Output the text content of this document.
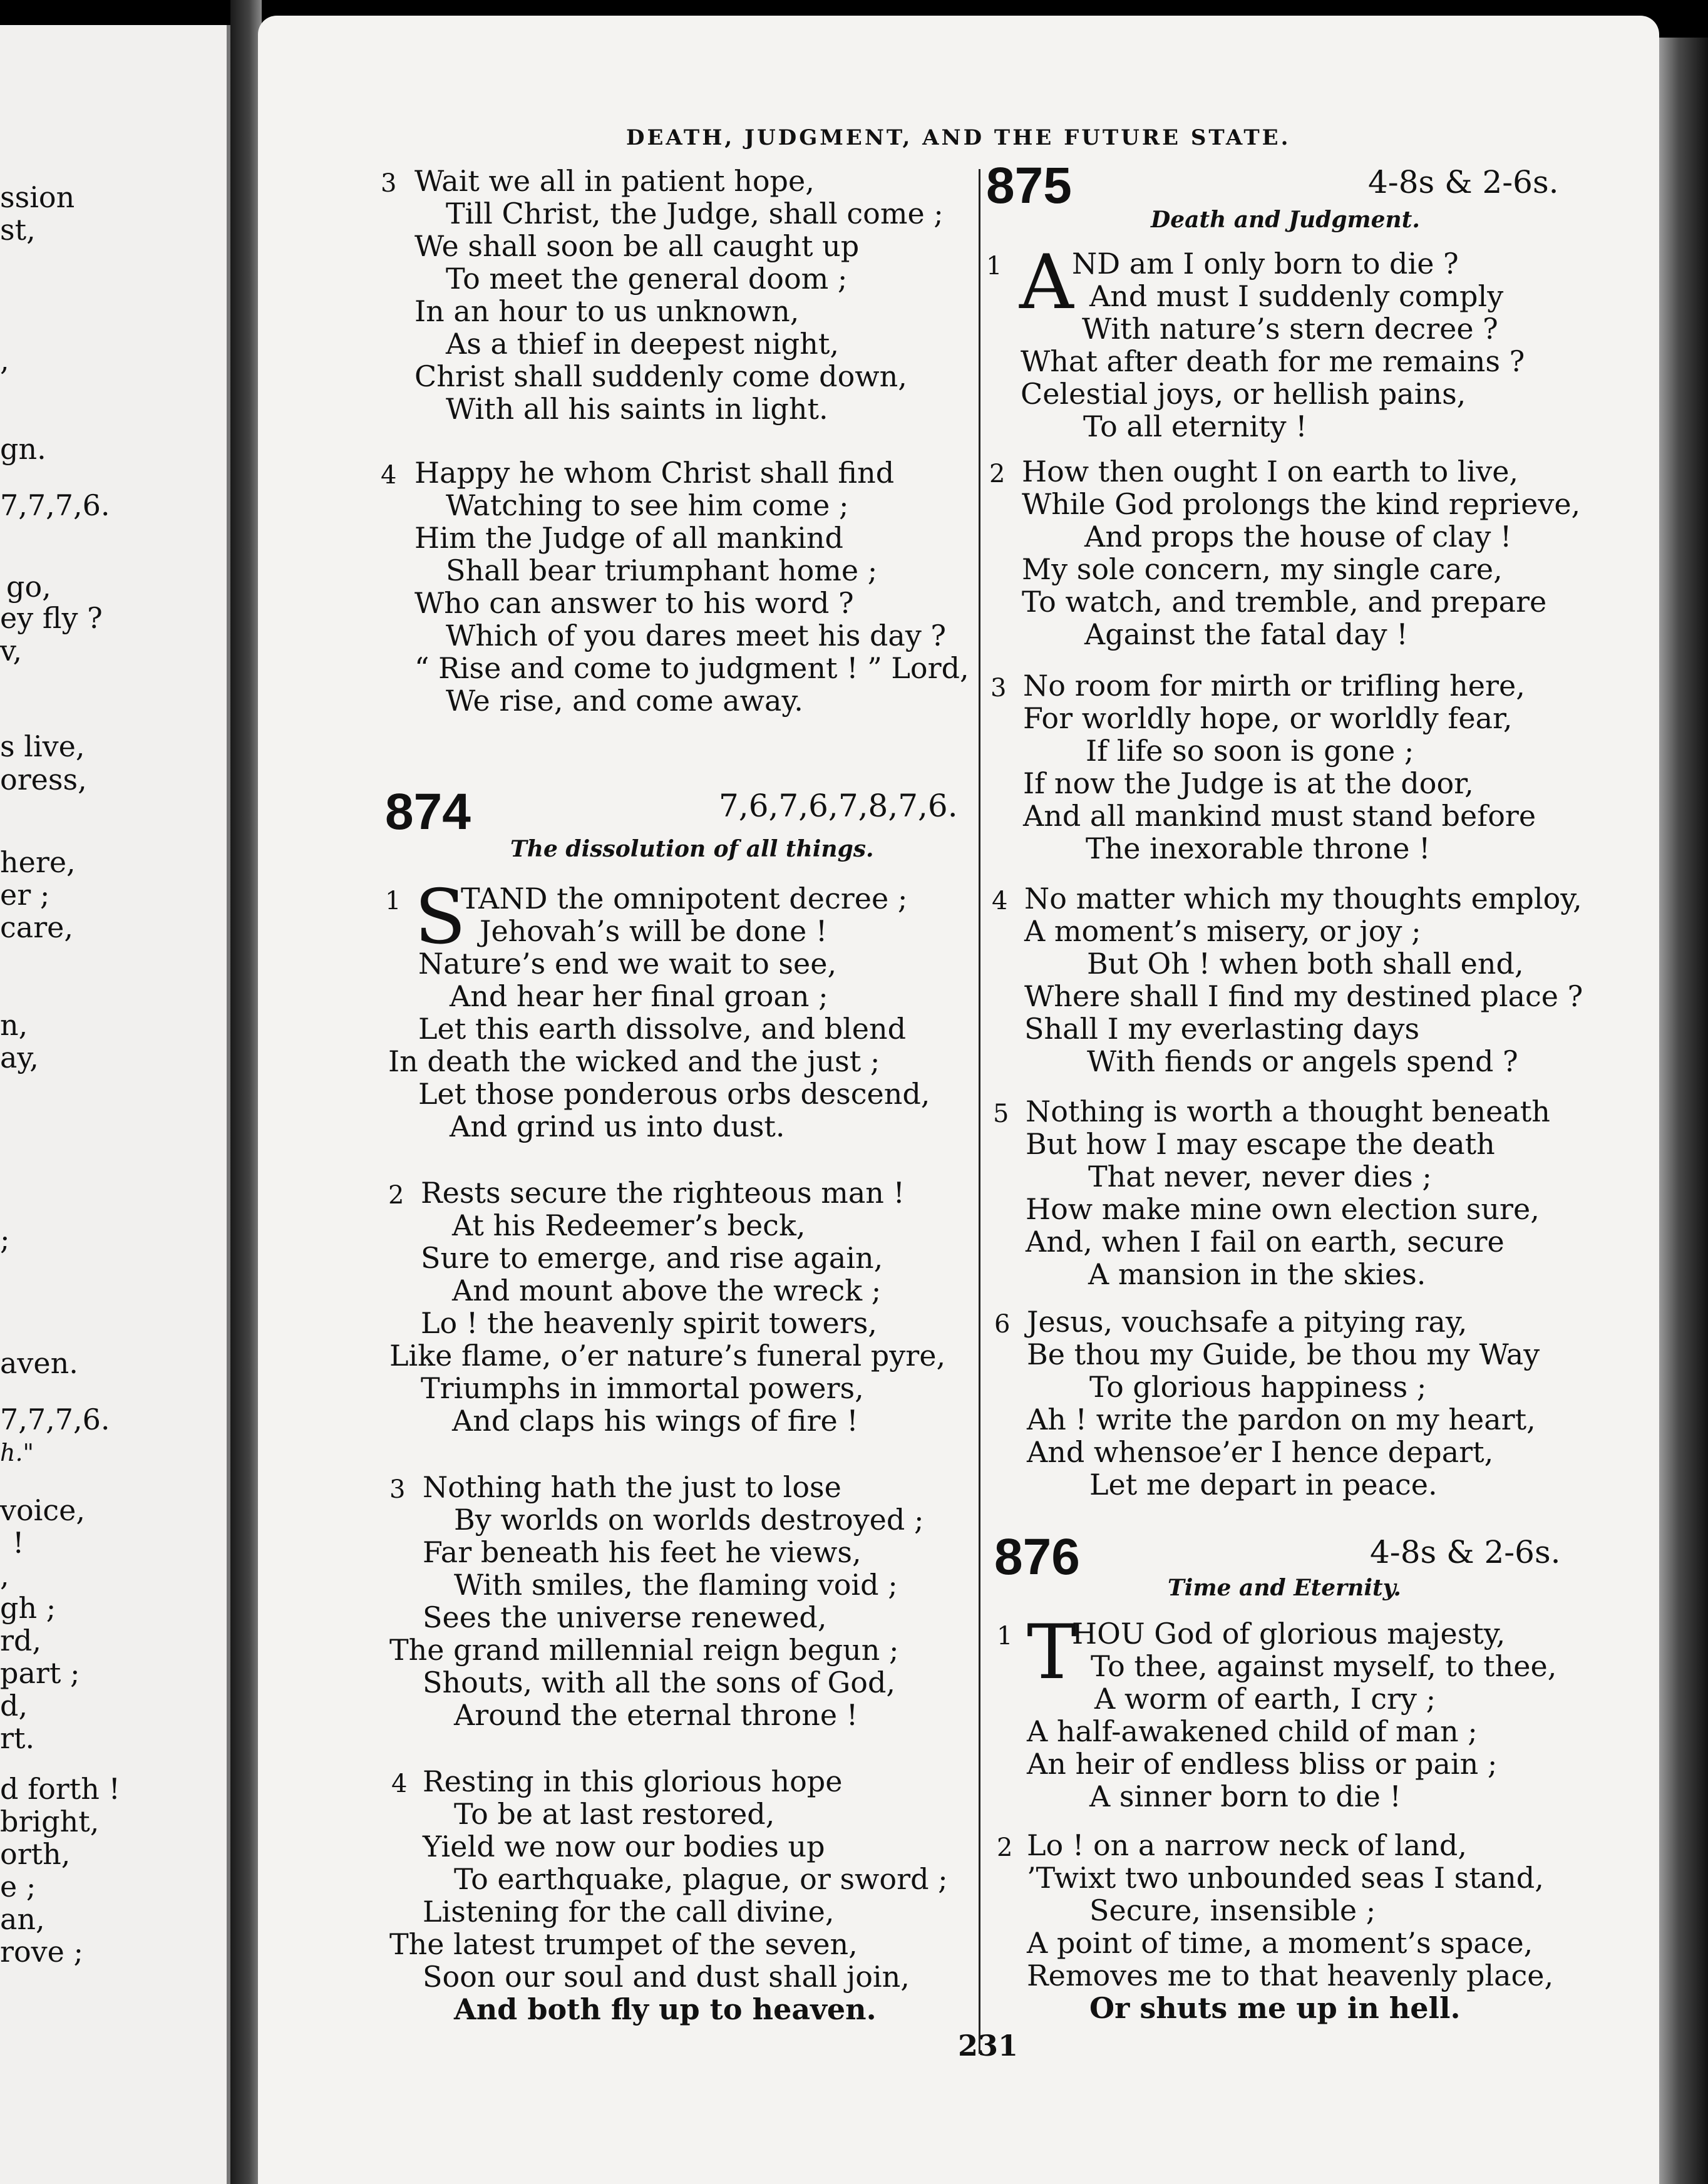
ssion
st,
,
gn.
7,7,7,6.
go,
ey fly ?
v,
s live,
oress,
here,
er ;
care,
n,
ay,
;
aven.
7,7,7,6.
h."
voice,
!
,
gh ;
rd,
part ;
d,
rt.
d forth !
bright,
orth,
e ;
an,
rove ;
DEATH, JUDGMENT, AND THE FUTURE STATE.
3 Wait we all in patient hope,
Till Christ, the Judge, shall come ;
We shall soon be all caught up
To meet the general doom ;
In an hour to us unknown,
As a thief in deepest night,
Christ shall suddenly come down,
With all his saints in light.
4 Happy he whom Christ shall find
Watching to see him come ;
Him the Judge of all mankind
Shall bear triumphant home ;
Who can answer to his word ?
Which of you dares meet his day ?
“ Rise and come to judgment ! ” Lord,
We rise, and come away.
874	7,6,7,6,7,8,7,6.
The dissolution of all things.
1 S
TAND the omnipotent decree ;
Jehovah’s will be done !
Nature’s end we wait to see,
And hear her final groan ;
Let this earth dissolve, and blend
In death the wicked and the just ;
Let those ponderous orbs descend,
And grind us into dust.
2 Rests secure the righteous man !
At his Redeemer’s beck,
Sure to emerge, and rise again,
And mount above the wreck ;
Lo ! the heavenly spirit towers,
Like flame, o’er nature’s funeral pyre,
Triumphs in immortal powers,
And claps his wings of fire !
3 Nothing hath the just to lose
By worlds on worlds destroyed ;
Far beneath his feet he views,
With smiles, the flaming void ;
Sees the universe renewed,
The grand millennial reign begun ;
Shouts, with all the sons of God,
Around the eternal throne !
4 Resting in this glorious hope
To be at last restored,
Yield we now our bodies up
To earthquake, plague, or sword ;
Listening for the call divine,
The latest trumpet of the seven,
Soon our soul and dust shall join,
And both fly up to heaven.
875	4-8s & 2-6s.
Death and Judgment.
1 A
ND am I only born to die ?
And must I suddenly comply
With nature’s stern decree ?
What after death for me remains ?
Celestial joys, or hellish pains,
To all eternity !
2 How then ought I on earth to live,
While God prolongs the kind reprieve,
And props the house of clay !
My sole concern, my single care,
To watch, and tremble, and prepare
Against the fatal day !
3 No room for mirth or trifling here,
For worldly hope, or worldly fear,
If life so soon is gone ;
If now the Judge is at the door,
And all mankind must stand before
The inexorable throne !
4 No matter which my thoughts employ,
A moment’s misery, or joy ;
But Oh ! when both shall end,
Where shall I find my destined place ?
Shall I my everlasting days
With fiends or angels spend ?
5 Nothing is worth a thought beneath
But how I may escape the death
That never, never dies ;
How make mine own election sure,
And, when I fail on earth, secure
A mansion in the skies.
6 Jesus, vouchsafe a pitying ray,
Be thou my Guide, be thou my Way
To glorious happiness ;
Ah ! write the pardon on my heart,
And whensoe’er I hence depart,
Let me depart in peace.
876	4-8s & 2-6s.
Time and Eternity.
1 T
HOU God of glorious majesty,
To thee, against myself, to thee,
A worm of earth, I cry ;
A half-awakened child of man ;
An heir of endless bliss or pain ;
A sinner born to die !
2 Lo ! on a narrow neck of land,
’Twixt two unbounded seas I stand,
Secure, insensible ;
A point of time, a moment’s space,
Removes me to that heavenly place,
Or shuts me up in hell.
231
